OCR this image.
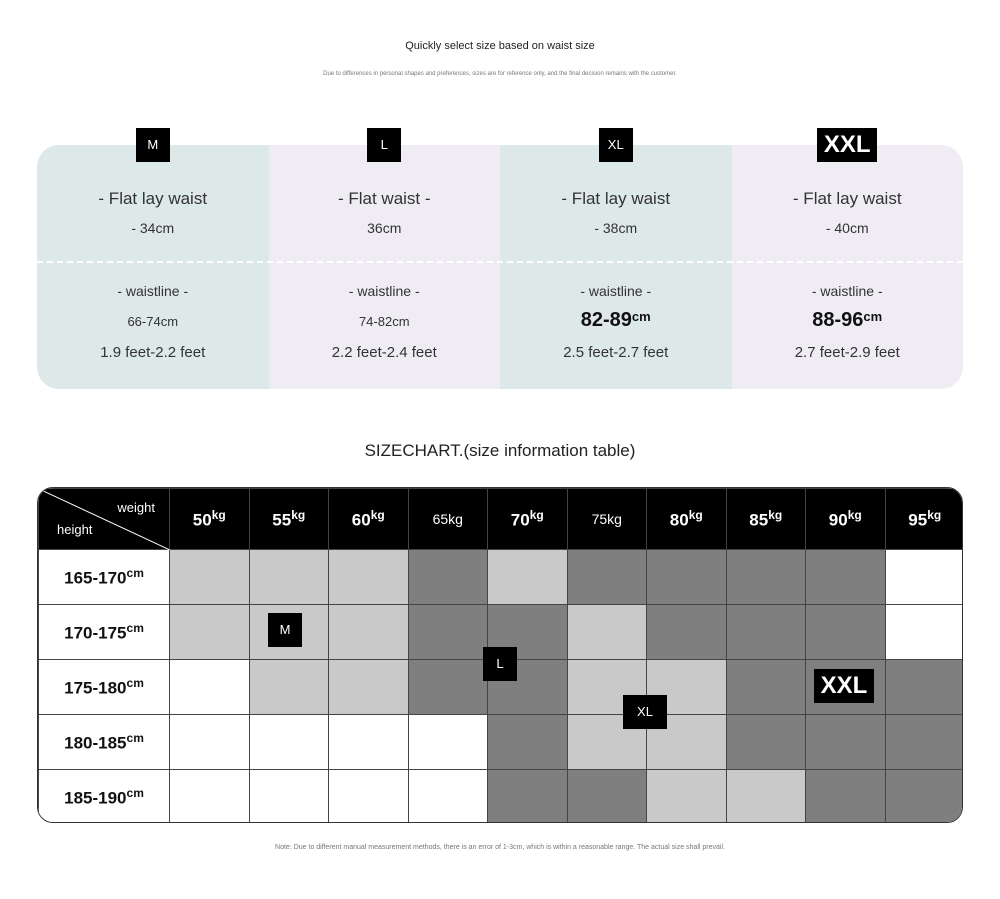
Quickly select size based on waist size
Due to differences in personal shapes and preferences, sizes are for reference only, and the final decision remains with the customer.
- Flat lay waist
- 34cm
- waistline -
66-74cm
1.9 feet-2.2 feet
- Flat waist -
36cm
- waistline -
74-82cm
2.2 feet-2.4 feet
- Flat lay waist
- 38cm
- waistline -
$82-89^{cm}$
2.5 feet-2.7 feet
- Flat lay waist
- 40cm
- waistline -
$88-96^{cm}$
2.7 feet-2.9 feet
M	L	XL	XXL
SIZECHART.(size information table)
weight
height	$50^{kg}$	$55^{kg}$	$60^{kg}$	65kg	$70^{kg}$	75kg	$80^{kg}$	$85^{kg}$	$90^{kg}$	$95^{kg}$
$165-170^{cm}$										
$170-175^{cm}$										
$175-180^{cm}$										
$180-185^{cm}$										
$185-190^{cm}$										
M
L
XL
XXL
Note: Due to different manual measurement methods, there is an error of 1-3cm, which is within a reasonable range. The actual size shall prevail.
